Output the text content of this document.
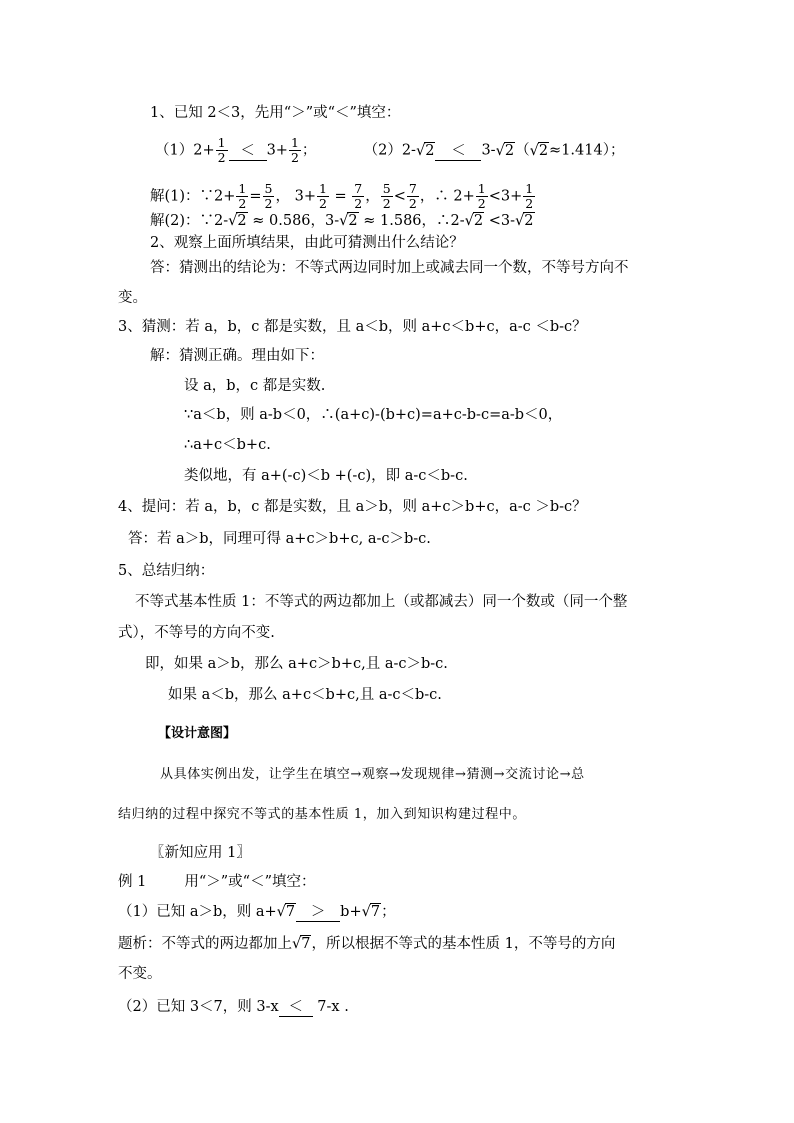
1、已知 2＜3，先用“＞”或“＜”填空：
$(1)2+ \frac{1}{2} < 3+ \frac{1}{2}$ ；	（2）2-√2 ＜ 3-√2（√2≈1.414）；
解(1)：∵2+ $\frac{1}{2} = \frac{5}{2}$ ， $3+ \frac{1}{2} = \frac{7}{2}$ ， $\frac{5}{2} < \frac{7}{2}$ ，∴ $2+ \frac{1}{2} <3+ \frac{1}{2}$
解(2)：∵2-√2 ≈ 0.586，3-√2 ≈ 1.586，∴2-√2 <3-√2
2、观察上面所填结果，由此可猜测出什么结论？
答：猜测出的结论为：不等式两边同时加上或减去同一个数，不等号方向不
变。
3、猜测：若 a，b，c 都是实数，且 a＜b，则 a+c＜b+c，a-c ＜b-c？
解：猜测正确。理由如下：
设 a，b，c 都是实数.
∵a＜b，则 a-b＜0，∴(a+c)-(b+c)=a+c-b-c=a-b＜0，
∴a+c＜b+c.
类似地，有 a+(-c)＜b +(-c)，即 a-c＜b-c.
4、提问：若 a，b，c 都是实数，且 a＞b，则 a+c＞b+c，a-c ＞b-c？
答：若 a＞b，同理可得 a+c＞b+c, a-c＞b-c.
5、总结归纳：
不等式基本性质 1：不等式的两边都加上（或都减去）同一个数或（同一个整
式），不等号的方向不变.
即，如果 a＞b，那么 a+c＞b+c,且 a-c＞b-c.
如果 a＜b，那么 a+c＜b+c,且 a-c＜b-c.
【设计意图】
从具体实例出发，让学生在填空→观察→发现规律→猜测→交流讨论→总
结归纳的过程中探究不等式的基本性质 1，加入到知识构建过程中。
〖新知应用 1〗
例 1	用“＞”或“＜”填空：
（1）已知 a＞b，则 a+√7 ＞ b+√7；
题析：不等式的两边都加上√7，所以根据不等式的基本性质 1，不等号的方向
不变。
（2）已知 3＜7，则 3-x ＜ 7-x .
